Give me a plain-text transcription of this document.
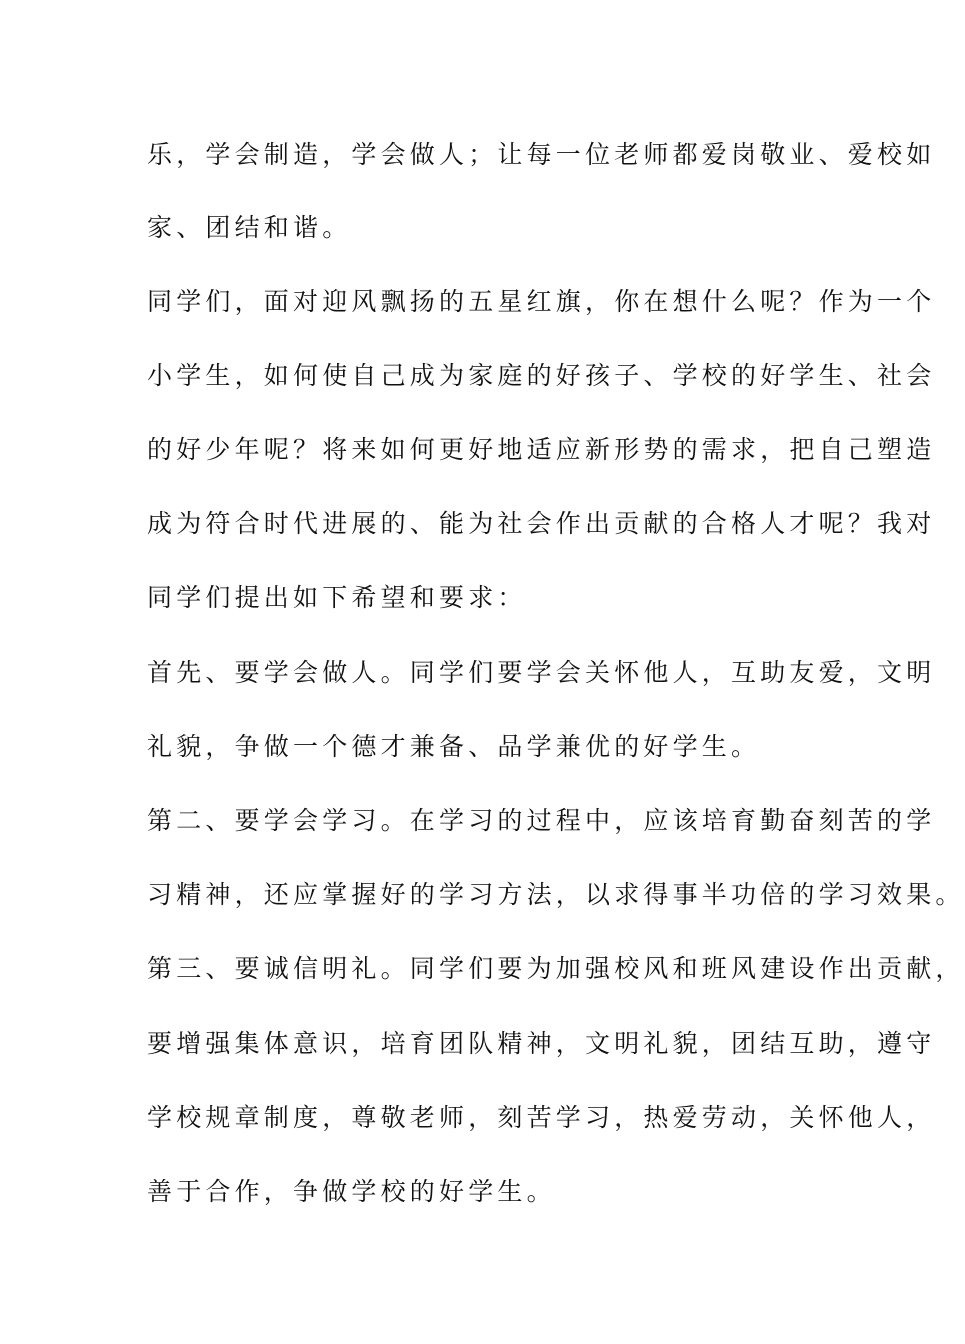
乐，学会制造，学会做人；让每一位老师都爱岗敬业、爱校如
家、团结和谐。
同学们，面对迎风飘扬的五星红旗，你在想什么呢？作为一个
小学生，如何使自己成为家庭的好孩子、学校的好学生、社会
的好少年呢？将来如何更好地适应新形势的需求，把自己塑造
成为符合时代进展的、能为社会作出贡献的合格人才呢？我对
同学们提出如下希望和要求：
首先、要学会做人。同学们要学会关怀他人，互助友爱，文明
礼貌，争做一个德才兼备、品学兼优的好学生。
第二、要学会学习。在学习的过程中，应该培育勤奋刻苦的学
习精神，还应掌握好的学习方法，以求得事半功倍的学习效果。
第三、要诚信明礼。同学们要为加强校风和班风建设作出贡献，
要增强集体意识，培育团队精神，文明礼貌，团结互助，遵守
学校规章制度，尊敬老师，刻苦学习，热爱劳动，关怀他人，
善于合作，争做学校的好学生。
